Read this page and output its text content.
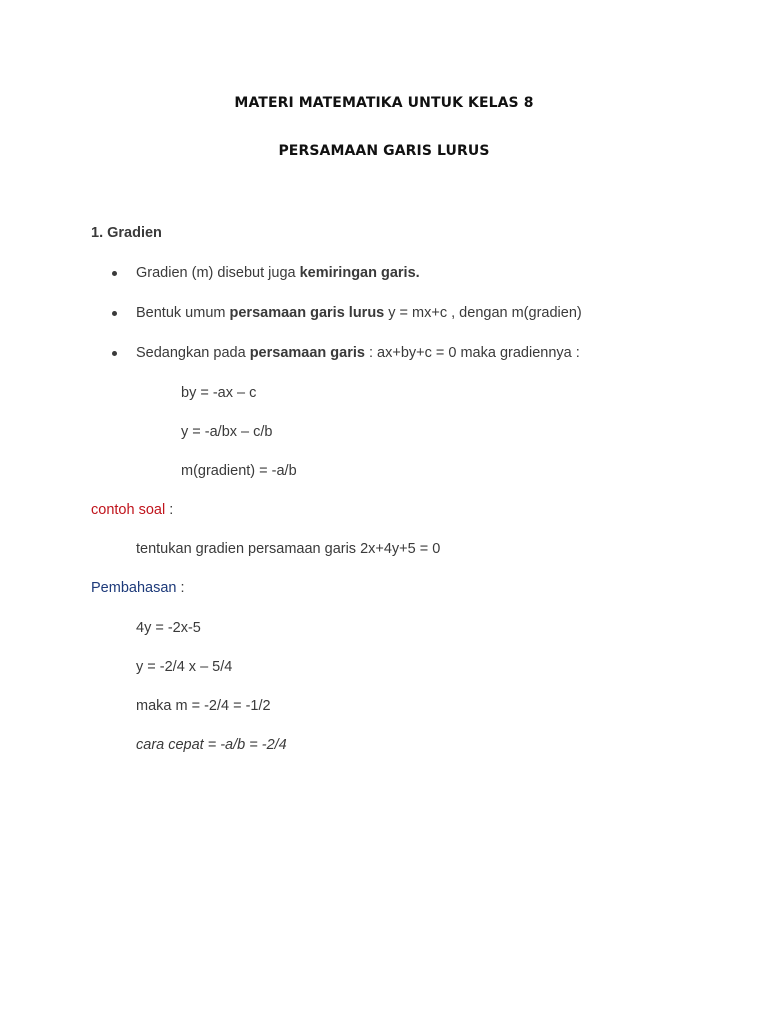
MATERI MATEMATIKA UNTUK KELAS 8
PERSAMAAN GARIS LURUS
1. Gradien
Gradien (m) disebut juga kemiringan garis.
Bentuk umum persamaan garis lurus y = mx+c , dengan m(gradien)
Sedangkan pada persamaan garis : ax+by+c = 0 maka gradiennya :
by = -ax – c
y = -a/bx – c/b
m(gradient) = -a/b
contoh soal :
tentukan gradien persamaan garis 2x+4y+5 = 0
Pembahasan :
4y = -2x-5
y = -2/4 x – 5/4
maka m = -2/4 = -1/2
cara cepat = -a/b = -2/4
